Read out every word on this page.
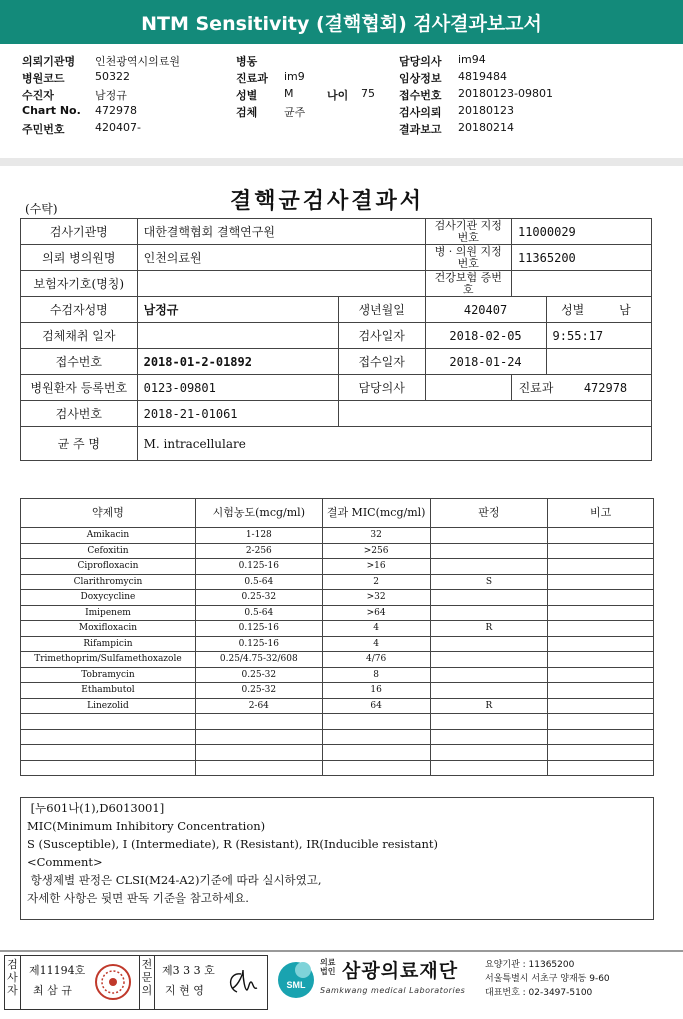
NTM Sensitivity (결핵협회) 검사결과보고서
의뢰기관명 인천광역시의료원	병동	담당의사 im94
병원코드	50322	진료과 im9	임상정보 4819484
수진자	남정규	성별 M	접수번호 20180123-09801
나이 75
Chart No. 472978	검체 균주	검사의뢰 20180123
주민번호	420407-	결과보고 20180214
(수탁)	결핵균검사결과서
검사기관명	대한결핵협회 결핵연구원		검사기관 지정번호	11000029	
의뢰 병의원명	인천의료원		병 · 의원 지정번호	11365200	
보험자기호(명칭)			건강보험 증번호		
수검자성명	남정규	생년월일	420407		성별 남

검체채취 일자		검사일자	2018-02-05		9:55:17
접수번호	2018-01-2-01892	접수일자	2018-01-24		
병원환자 등록번호	0123-09801	담당의사		진료과 472978	

검사번호	2018-21-01061				
균 주 명	M. intracellulare				
약제명	시험농도(mcg/ml)	결과 MIC(mcg/ml)	판정	비고
Amikacin	1-128	32		
Cefoxitin	2-256	>256		
Ciprofloxacin	0.125-16	>16		
Clarithromycin	0.5-64	2	S	
Doxycycline	0.25-32	>32		
Imipenem	0.5-64	>64		
Moxifloxacin	0.125-16	4	R	
Rifampicin	0.125-16	4		
Trimethoprim/Sulfamethoxazole	0.25/4.75-32/608	4/76		
Tobramycin	0.25-32	8		
Ethambutol	0.25-32	16		
Linezolid	2-64	64	R	

[누601나(1),D6013001]
MIC(Minimum Inhibitory Concentration)
S (Susceptible), I (Intermediate), R (Resistant), IR(Inducible resistant)
<Comment>
항생제별 판정은 CLSI(M24-A2)기준에 따라 실시하였고,
자세한 사항은 뒷면 판독 기준을 참고하세요.
검사자
제11194호
최 삼 규
전문의
제3 3 3 호
지 현 영	SML
의료
법인 삼광의료재단
Samkwang medical Laboratories
요양기관 : 11365200
서울특별시 서초구 양재동 9-60
대표번호 : 02-3497-5100
